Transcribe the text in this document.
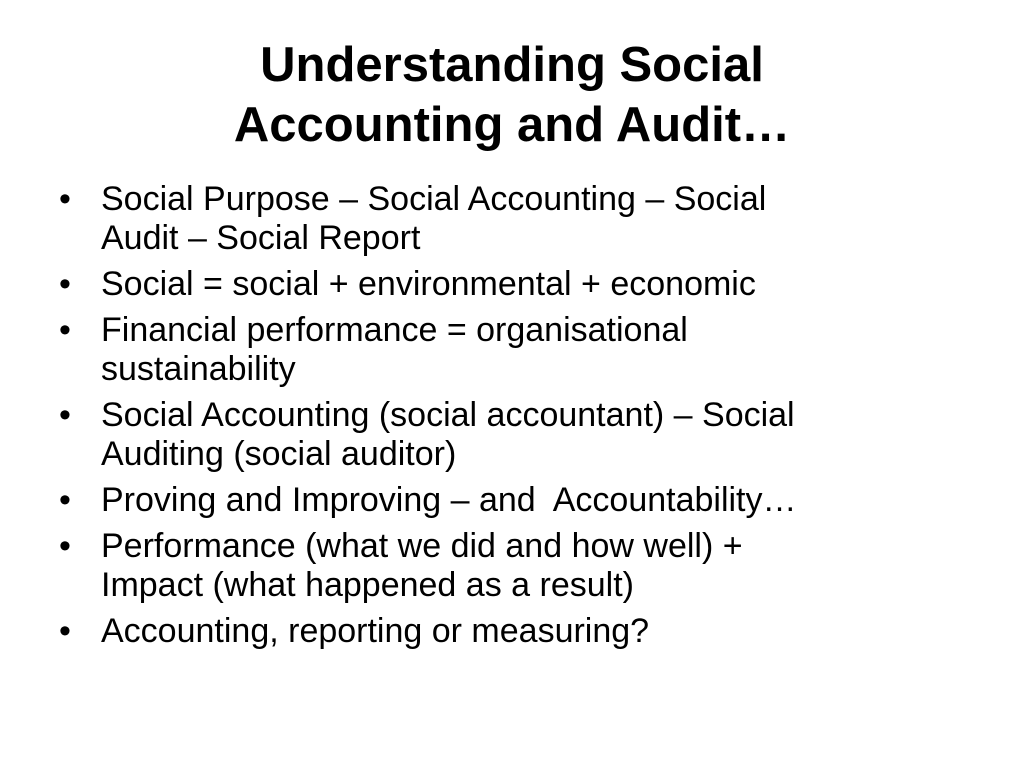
Understanding Social
Accounting and Audit…
• Social Purpose – Social Accounting – Social
Audit – Social Report
• Social = social + environmental + economic
• Financial performance = organisational
sustainability
• Social Accounting (social accountant) – Social
Auditing (social auditor)
• Proving and Improving – and  Accountability…
• Performance (what we did and how well) +
Impact (what happened as a result)
• Accounting, reporting or measuring?
